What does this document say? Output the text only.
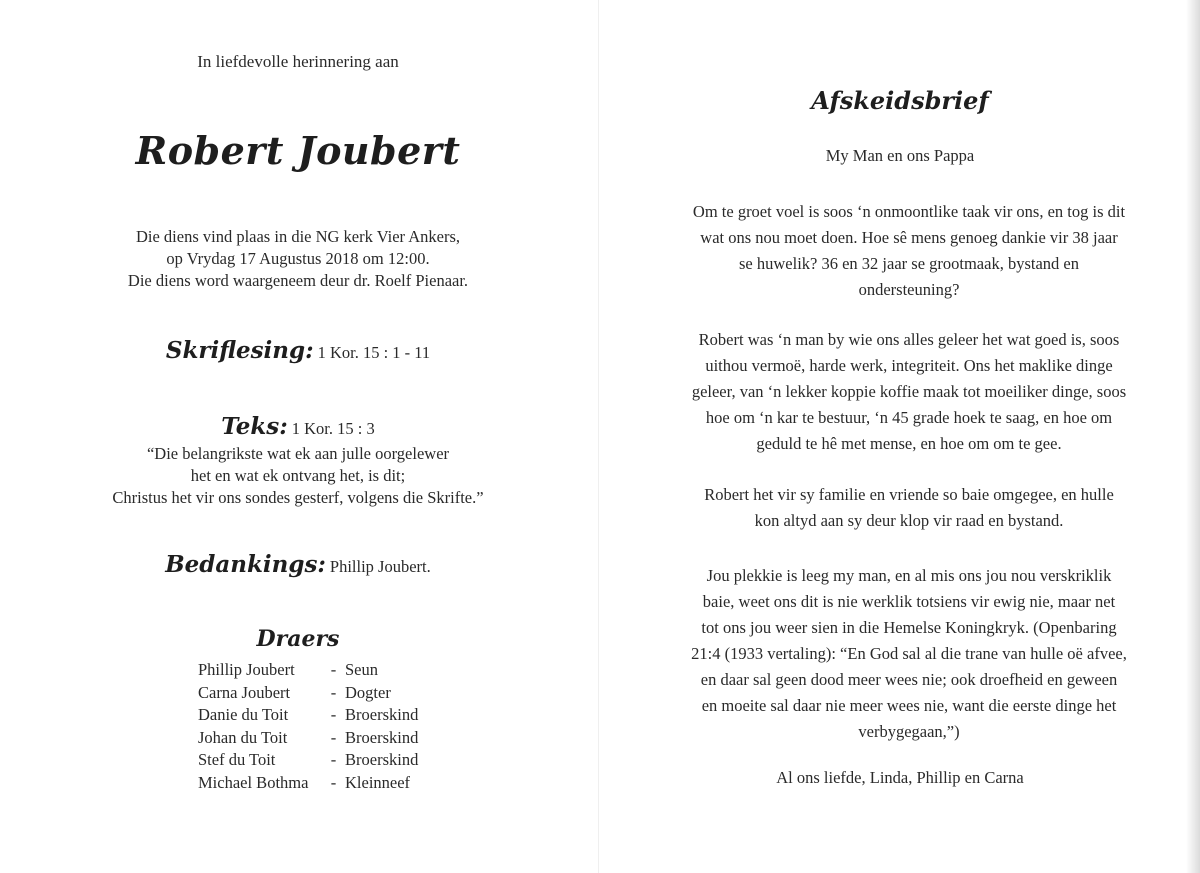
In liefdevolle herinnering aan
Robert Joubert
Die diens vind plaas in die NG kerk Vier Ankers,
op Vrydag 17 Augustus 2018 om 12:00.
Die diens word waargeneem deur dr. Roelf Pienaar.
Skriflesing: 1 Kor. 15 : 1 - 11
Teks: 1 Kor. 15 : 3
“Die belangrikste wat ek aan julle oorgelewer
het en wat ek ontvang het, is dit;
Christus het vir ons sondes gesterf, volgens die Skrifte.”
Bedankings: Phillip Joubert.
Draers
Phillip Joubert	-	Seun
Carna Joubert	-	Dogter
Danie du Toit	-	Broerskind
Johan du Toit	-	Broerskind
Stef du Toit	-	Broerskind
Michael Bothma	-	Kleinneef
Afskeidsbrief
My Man en ons Pappa
Om te groet voel is soos ‘n onmoontlike taak vir ons, en tog is dit
wat ons nou moet doen. Hoe sê mens genoeg dankie vir 38 jaar
se huwelik? 36 en 32 jaar se grootmaak, bystand en
ondersteuning?
Robert was ‘n man by wie ons alles geleer het wat goed is, soos
uithou vermoë, harde werk, integriteit. Ons het maklike dinge
geleer, van ‘n lekker koppie koffie maak tot moeiliker dinge, soos
hoe om ‘n kar te bestuur, ‘n 45 grade hoek te saag, en hoe om
geduld te hê met mense, en hoe om om te gee.
Robert het vir sy familie en vriende so baie omgegee, en hulle
kon altyd aan sy deur klop vir raad en bystand.
Jou plekkie is leeg my man, en al mis ons jou nou verskriklik
baie, weet ons dit is nie werklik totsiens vir ewig nie, maar net
tot ons jou weer sien in die Hemelse Koningkryk. (Openbaring
21:4 (1933 vertaling): “En God sal al die trane van hulle oë afvee,
en daar sal geen dood meer wees nie; ook droefheid en geween
en moeite sal daar nie meer wees nie, want die eerste dinge het
verbygegaan,”)
Al ons liefde, Linda, Phillip en Carna
